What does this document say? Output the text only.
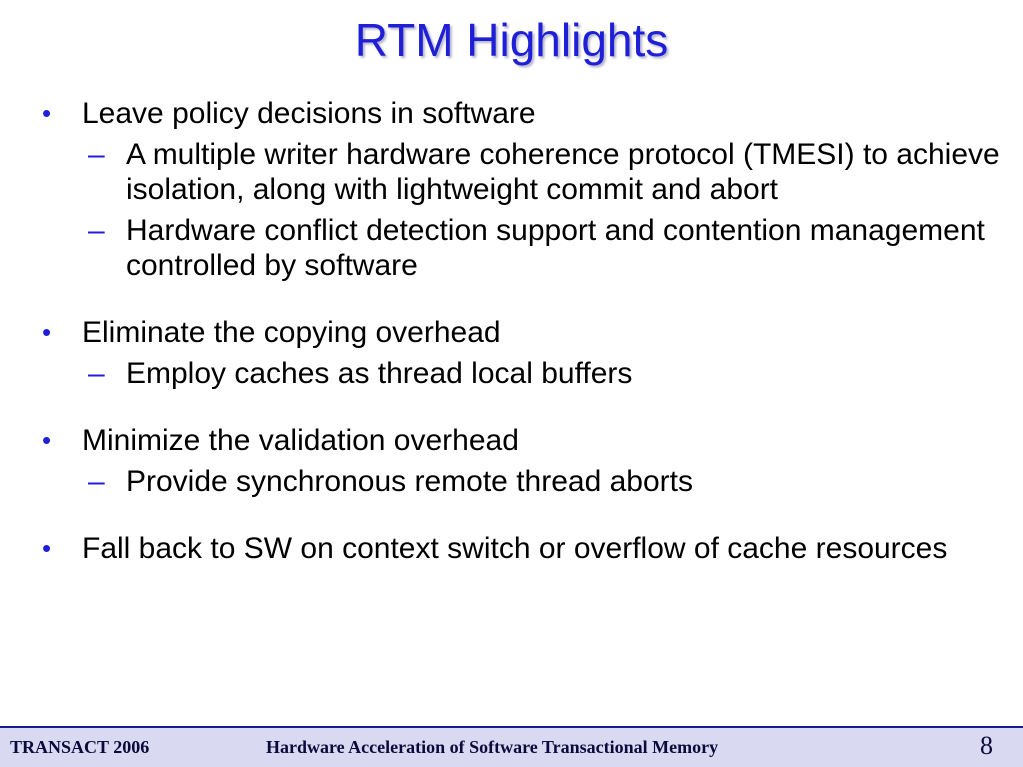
RTM Highlights
• Leave policy decisions in software
– A multiple writer hardware coherence protocol (TMESI) to achieve isolation, along with lightweight commit and abort
– Hardware conflict detection support and contention management controlled by software
• Eliminate the copying overhead
– Employ caches as thread local buffers
• Minimize the validation overhead
– Provide synchronous remote thread aborts
• Fall back to SW on context switch or overflow of cache resources
TRANSACT 2006	Hardware Acceleration of Software Transactional Memory	8
